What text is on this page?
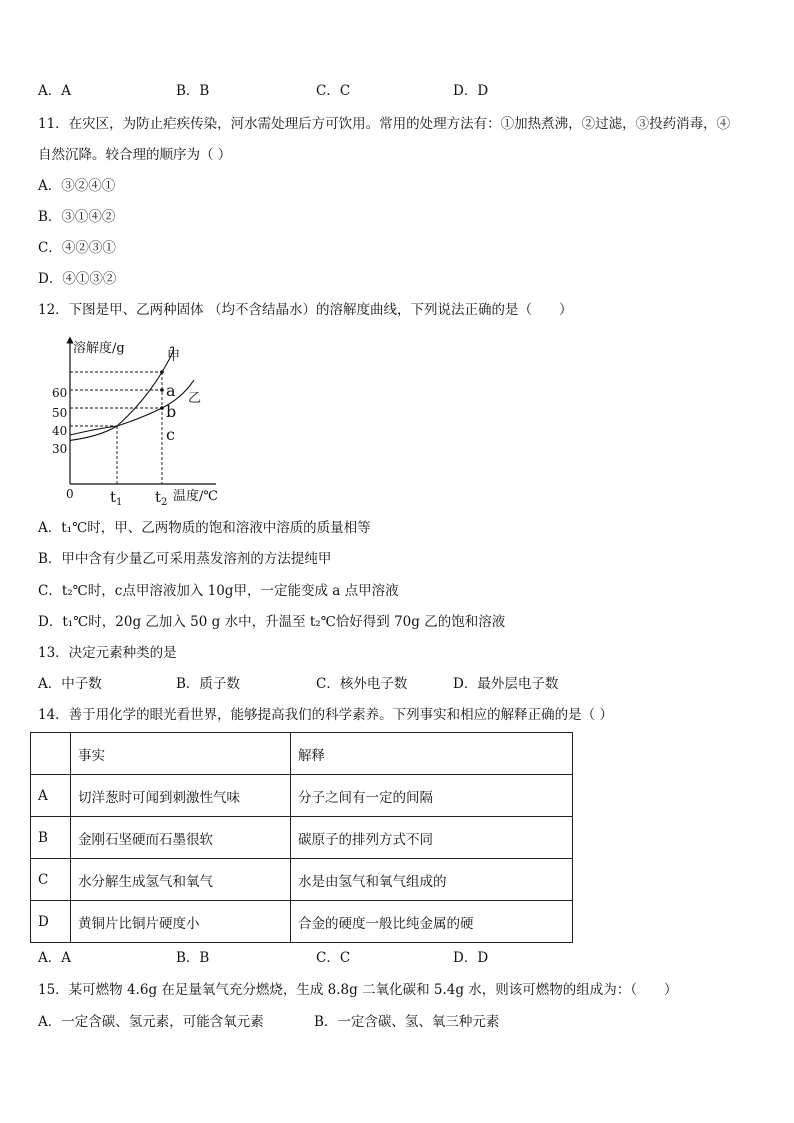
A．A	B．B	C．C	D．D
11．在灾区，为防止疟疾传染，河水需处理后方可饮用。常用的处理方法有：①加热煮沸，②过滤，③投药消毒，④
自然沉降。较合理的顺序为（ ）
A．③②④①
B．③①④②
C．④②③①
D．④①③②
12．下图是甲、乙两种固体 （均不含结晶水）的溶解度曲线，下列说法正确的是（　　）
溶解度/g
温度/℃
0 $t_1$ $t_2$
60
50
40
30
甲
乙
a
b
c
A．t₁℃时，甲、乙两物质的饱和溶液中溶质的质量相等
B．甲中含有少量乙可采用蒸发溶剂的方法提纯甲
C．t₂℃时，c点甲溶液加入 10g甲，一定能变成 a 点甲溶液
D．t₁℃时，20g 乙加入 50 g 水中，升温至 t₂℃恰好得到 70g 乙的饱和溶液
13．决定元素种类的是
A．中子数	B．质子数	C．核外电子数	D．最外层电子数
14．善于用化学的眼光看世界，能够提高我们的科学素养。下列事实和相应的解释正确的是（ ）
	事实	解释
A	切洋葱时可闻到刺激性气味	分子之间有一定的间隔
B	金刚石坚硬而石墨很软	碳原子的排列方式不同
C	水分解生成氢气和氧气	水是由氢气和氧气组成的
D	黄铜片比铜片硬度小	合金的硬度一般比纯金属的硬
A．A	B．B	C．C	D．D
15．某可燃物 4.6g 在足量氧气充分燃烧，生成 8.8g 二氧化碳和 5.4g 水，则该可燃物的组成为：（　　）
A．一定含碳、氢元素，可能含氧元素	B．一定含碳、氢、氧三种元素
